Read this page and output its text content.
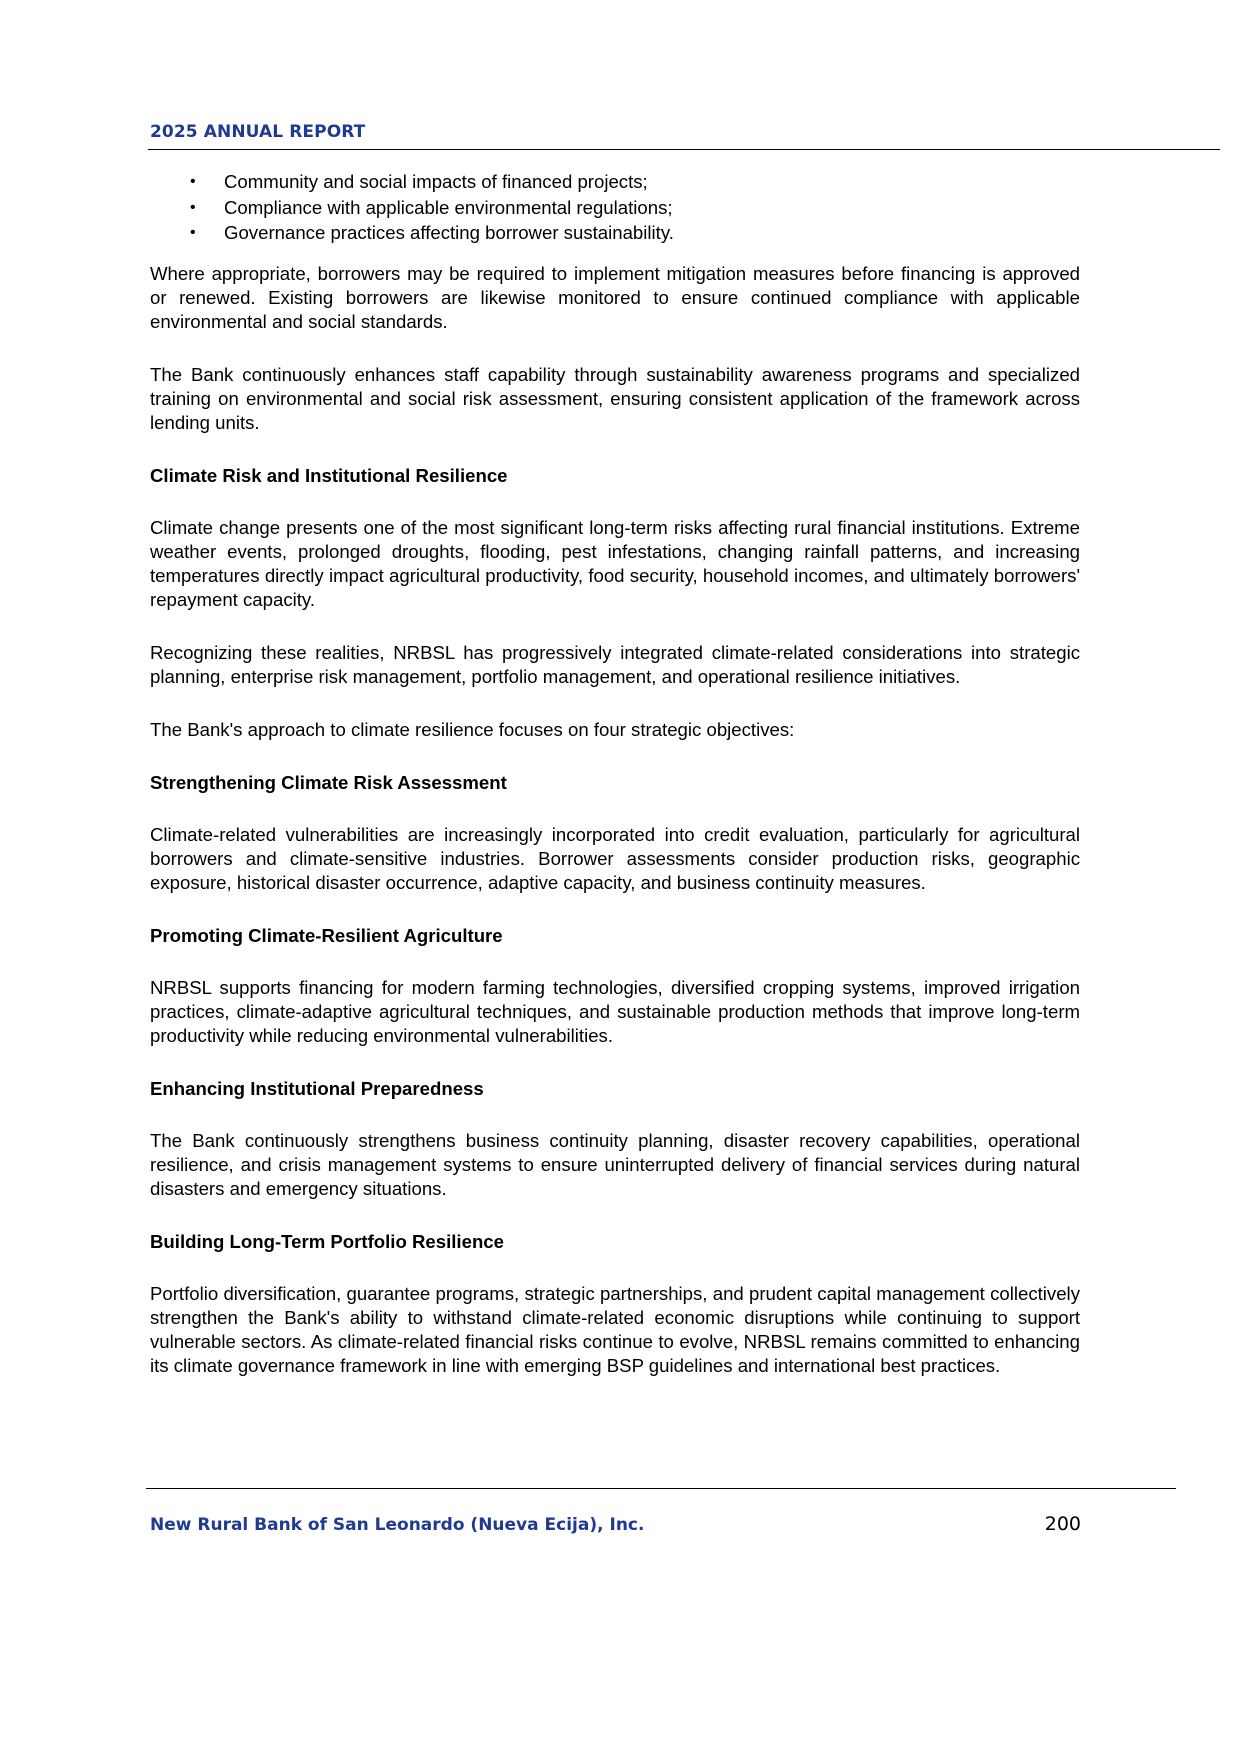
2025 ANNUAL REPORT
• Community and social impacts of financed projects;
• Compliance with applicable environmental regulations;
• Governance practices affecting borrower sustainability.

Where appropriate, borrowers may be required to implement mitigation measures before financing is approved or renewed. Existing borrowers are likewise monitored to ensure continued compliance with applicable environmental and social standards.

The Bank continuously enhances staff capability through sustainability awareness programs and specialized training on environmental and social risk assessment, ensuring consistent application of the framework across lending units.

Climate Risk and Institutional Resilience

Climate change presents one of the most significant long-term risks affecting rural financial institutions. Extreme weather events, prolonged droughts, flooding, pest infestations, changing rainfall patterns, and increasing temperatures directly impact agricultural productivity, food security, household incomes, and ultimately borrowers' repayment capacity.

Recognizing these realities, NRBSL has progressively integrated climate-related considerations into strategic planning, enterprise risk management, portfolio management, and operational resilience initiatives.

The Bank's approach to climate resilience focuses on four strategic objectives:

Strengthening Climate Risk Assessment

Climate-related vulnerabilities are increasingly incorporated into credit evaluation, particularly for agricultural borrowers and climate-sensitive industries. Borrower assessments consider production risks, geographic exposure, historical disaster occurrence, adaptive capacity, and business continuity measures.

Promoting Climate-Resilient Agriculture

NRBSL supports financing for modern farming technologies, diversified cropping systems, improved irrigation practices, climate-adaptive agricultural techniques, and sustainable production methods that improve long-term productivity while reducing environmental vulnerabilities.

Enhancing Institutional Preparedness

The Bank continuously strengthens business continuity planning, disaster recovery capabilities, operational resilience, and crisis management systems to ensure uninterrupted delivery of financial services during natural disasters and emergency situations.

Building Long-Term Portfolio Resilience

Portfolio diversification, guarantee programs, strategic partnerships, and prudent capital management collectively strengthen the Bank's ability to withstand climate-related economic disruptions while continuing to support vulnerable sectors. As climate-related financial risks continue to evolve, NRBSL remains committed to enhancing its climate governance framework in line with emerging BSP guidelines and international best practices.

New Rural Bank of San Leonardo (Nueva Ecija), Inc.	200
